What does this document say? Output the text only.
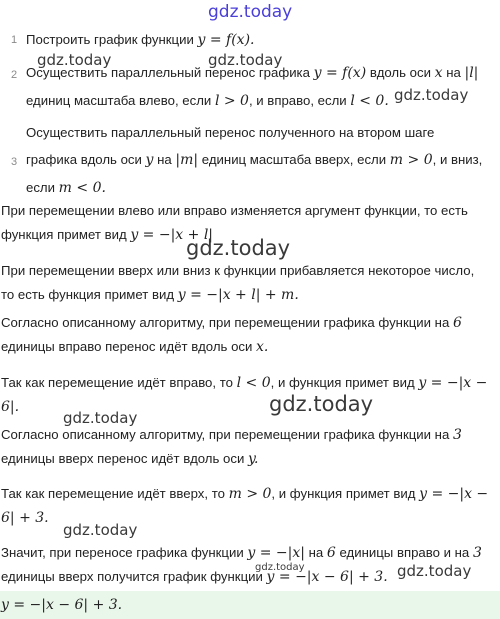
gdz.today
1 Построить график функции y = f(x).
2 Осуществить параллельный перенос графика y = f(x) вдоль оси x на |l|
единиц масштаба влево, если l > 0, и вправо, если l < 0.
3
Осуществить параллельный перенос полученного на втором шаге
графика вдоль оси y на |m| единиц масштаба вверх, если m > 0, и вниз,
если m < 0.
При перемещении влево или вправо изменяется аргумент функции, то есть
функция примет вид y = −|x + l|
При перемещении вверх или вниз к функции прибавляется некоторое число,
то есть функция примет вид y = −|x + l| + m.
Согласно описанному алгоритму, при перемещении графика функции на 6
единицы вправо перенос идёт вдоль оси x.
Так как перемещение идёт вправо, то l < 0, и функция примет вид y = −|x −
6|.
Согласно описанному алгоритму, при перемещении графика функции на 3
единицы вверх перенос идёт вдоль оси y.
Так как перемещение идёт вверх, то m > 0, и функция примет вид y = −|x −
6| + 3.
Значит, при переносе графика функции y = −|x| на 6 единицы вправо и на 3
единицы вверх получится график функции y = −|x − 6| + 3.
y = −|x − 6| + 3.
gdz.today	gdz.today
gdz.today
gdz.today
gdz.today
gdz.today
gdz.today
gdz.today	gdz.today
